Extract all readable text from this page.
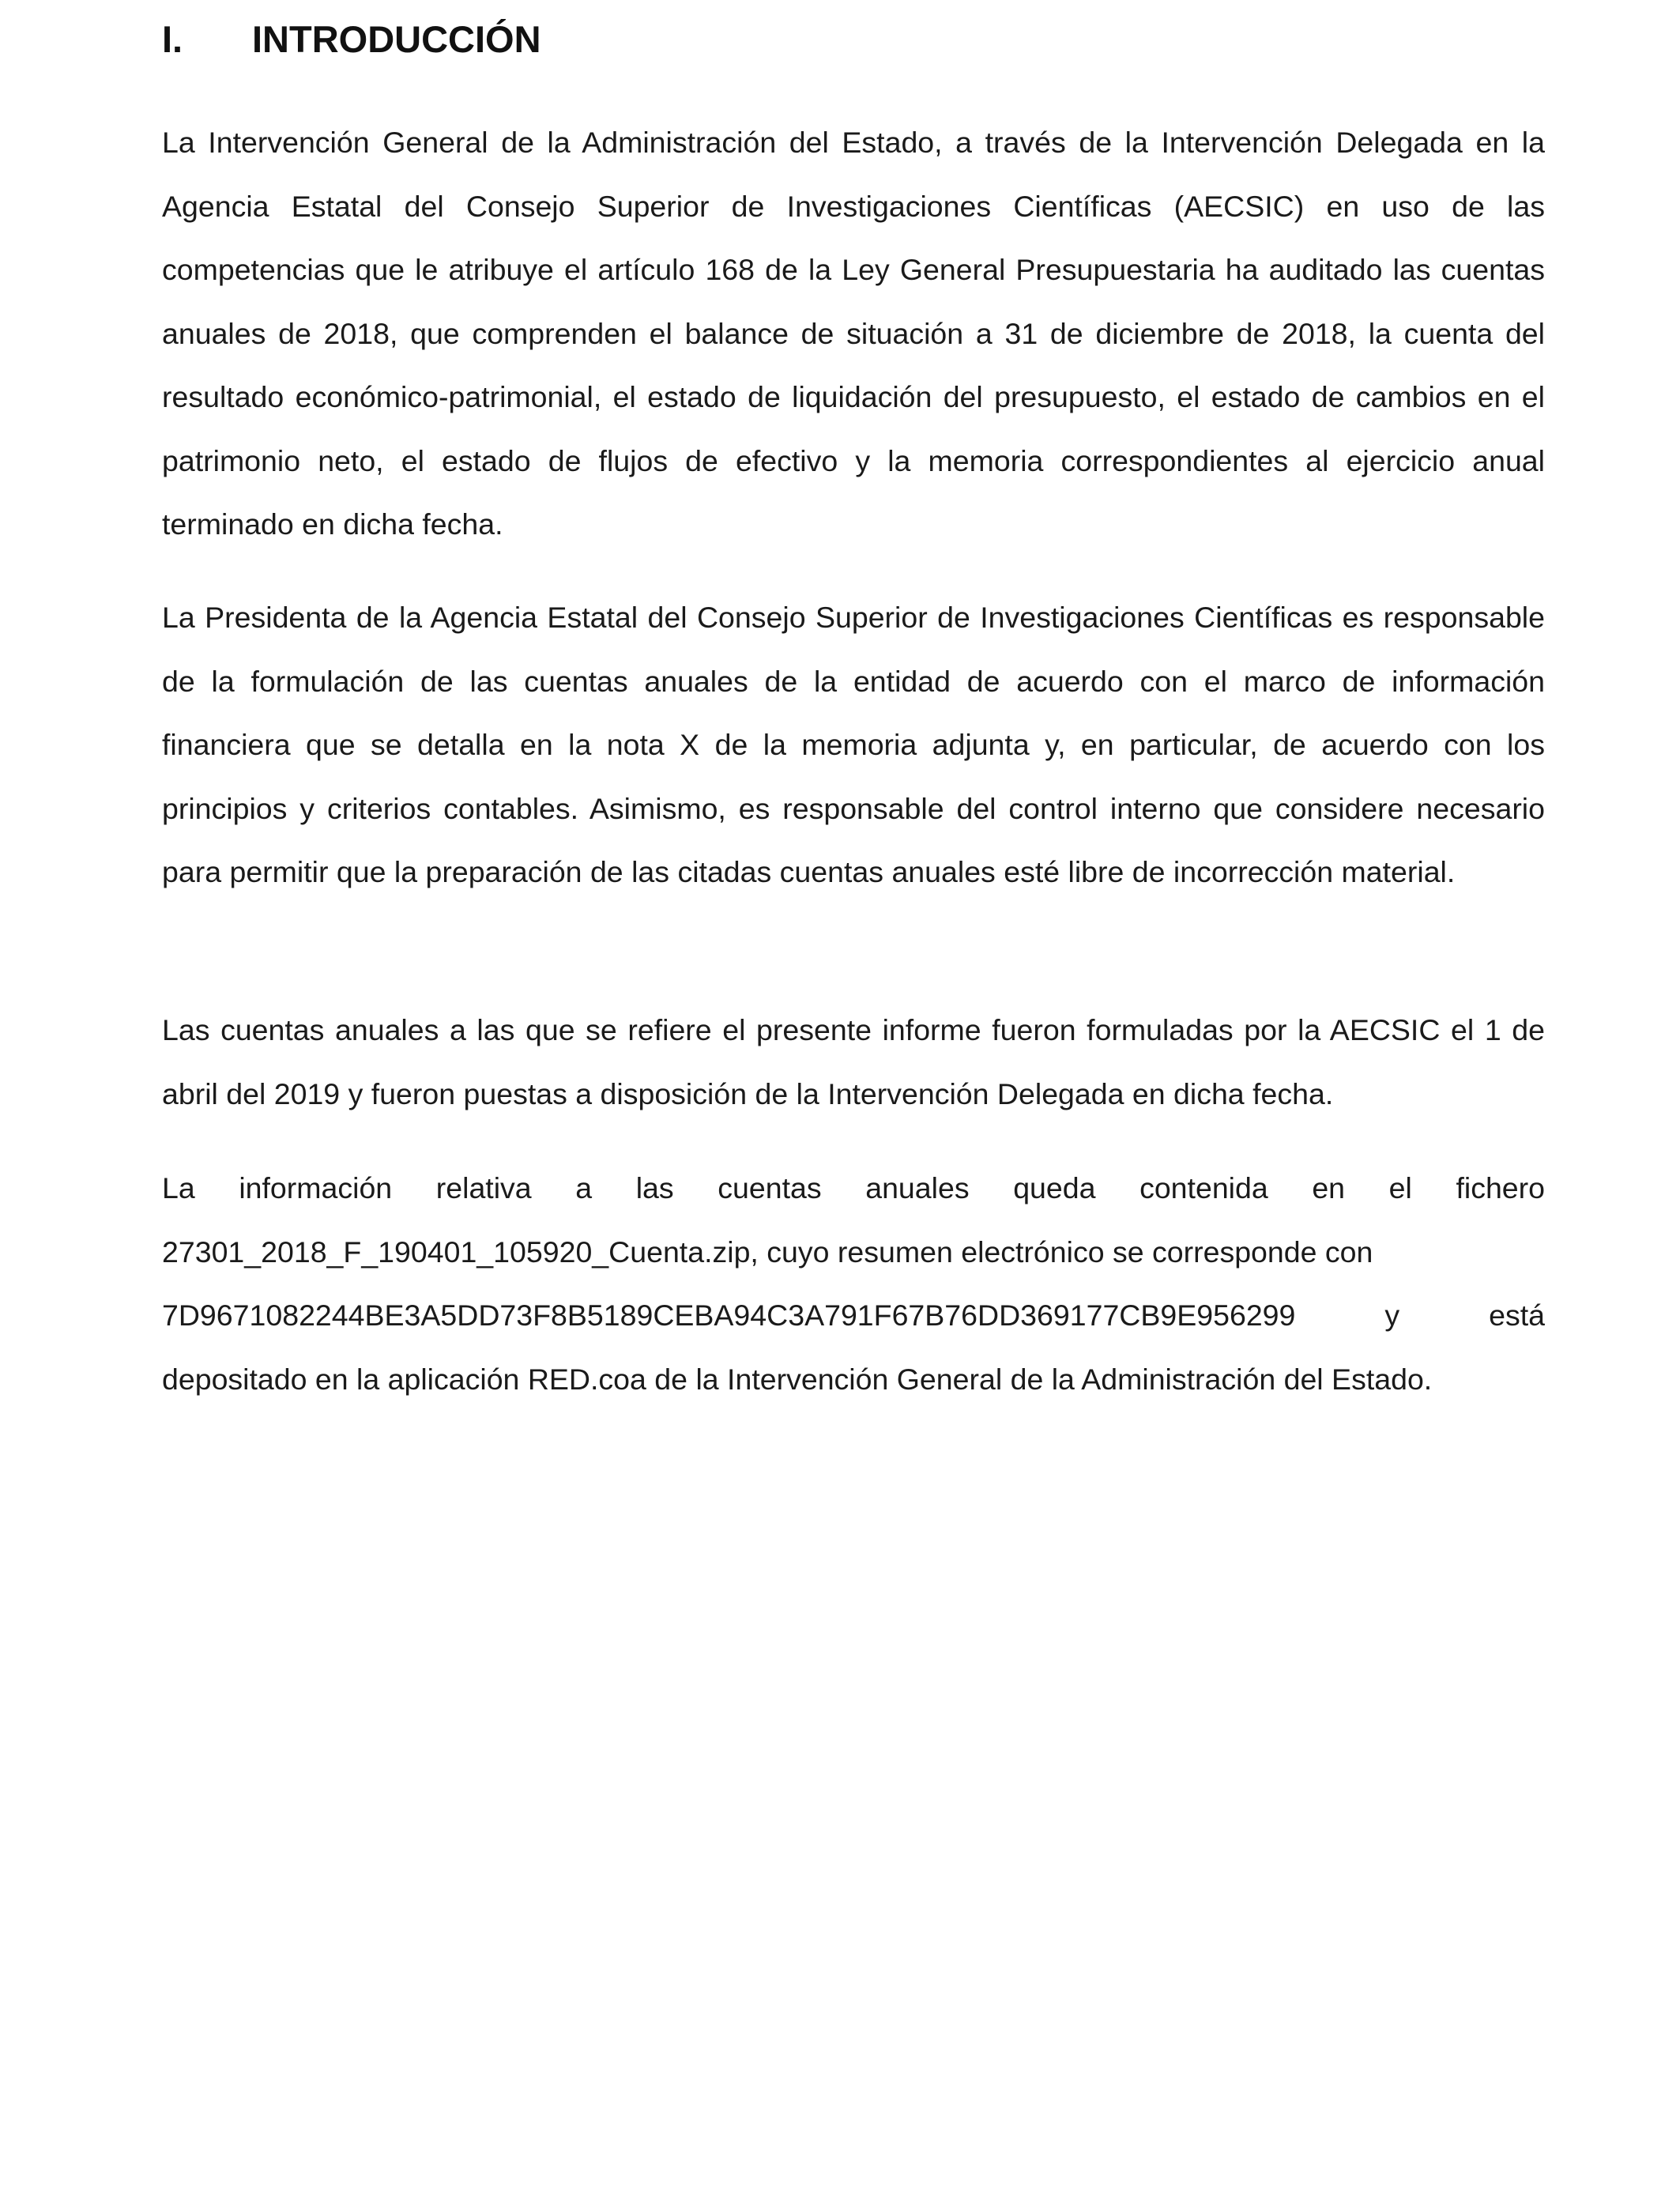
I.	INTRODUCCIÓN

La Intervención General de la Administración del Estado, a través de la Intervención Delegada en la Agencia Estatal del Consejo Superior de Investigaciones Científicas (AECSIC) en uso de las competencias que le atribuye el artículo 168 de la Ley General Presupuestaria ha auditado las cuentas anuales de 2018, que comprenden el balance de situación a 31 de diciembre de 2018, la cuenta del resultado económico-patrimonial, el estado de liquidación del presupuesto, el estado de cambios en el patrimonio neto, el estado de flujos de efectivo y la memoria correspondientes al ejercicio anual terminado en dicha fecha.

La Presidenta de la Agencia Estatal del Consejo Superior de Investigaciones Científicas es responsable de la formulación de las cuentas anuales de la entidad de acuerdo con el marco de información financiera que se detalla en la nota X de la memoria adjunta y, en particular, de acuerdo con los principios y criterios contables. Asimismo, es responsable del control interno que considere necesario para permitir que la preparación de las citadas cuentas anuales esté libre de incorrección material.

Las cuentas anuales a las que se refiere el presente informe fueron formuladas por la AECSIC el 1 de abril del 2019 y fueron puestas a disposición de la Intervención Delegada en dicha fecha.

La información relativa a las cuentas anuales queda contenida en el fichero 27301_2018_F_190401_105920_Cuenta.zip, cuyo resumen electrónico se corresponde con

7D9671082244BE3A5DD73F8B5189CEBA94C3A791F67B76DD369177CB9E956299	y	está

depositado en la aplicación RED.coa de la Intervención General de la Administración del Estado.
